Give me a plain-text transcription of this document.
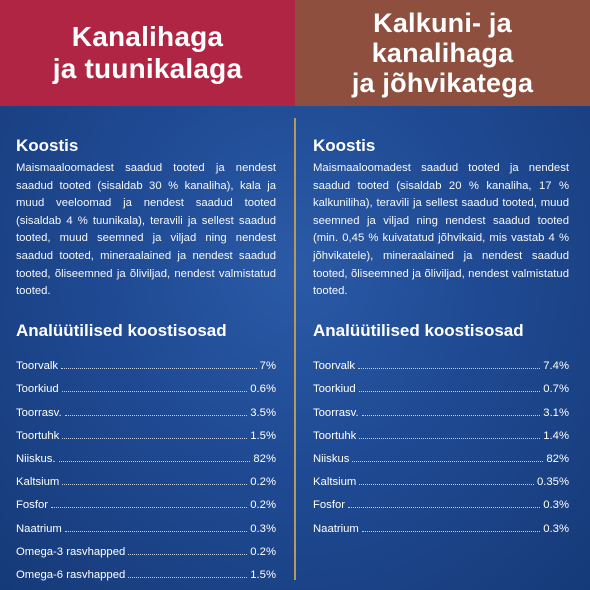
Kanalihaga
ja tuunikalaga
Koostis

Maismaaloomadest saadud tooted ja nendest saadud tooted (sisaldab 30 % kanaliha), kala ja muud veeloomad ja nendest saadud tooted (sisaldab 4 % tuunikala), teravili ja sellest saadud tooted, muud seemned ja viljad ning nendest saadud tooted, mineraalained ja nendest saadud tooted, õliseemned ja õliviljad, nendest valmistatud tooted.

Analüütilised koostisosad
Toorvalk	7%
Toorkiud	0.6%
Toorrasv.	3.5%
Toortuhk	1.5%
Niiskus.	82%
Kaltsium	0.2%
Fosfor	0.2%
Naatrium	0.3%
Omega-3 rasvhapped	0.2%
Omega-6 rasvhapped	1.5%
Kalkuni- ja
kanalihaga
ja jõhvikatega
Koostis

Maismaaloomadest saadud tooted ja nendest saadud tooted (sisaldab 20 % kanaliha, 17 % kalkuniliha), teravili ja sellest saadud tooted, muud seemned ja viljad ning nendest saadud tooted (min. 0,45 % kuivatatud jõhvikaid, mis vastab 4 % jõhvikatele), mineraalained ja nendest saadud tooted, õliseemned ja õliviljad, nendest valmistatud tooted.

Analüütilised koostisosad
Toorvalk	7.4%
Toorkiud	0.7%
Toorrasv.	3.1%
Toortuhk	1.4%
Niiskus	82%
Kaltsium	0.35%
Fosfor	0.3%
Naatrium	0.3%
